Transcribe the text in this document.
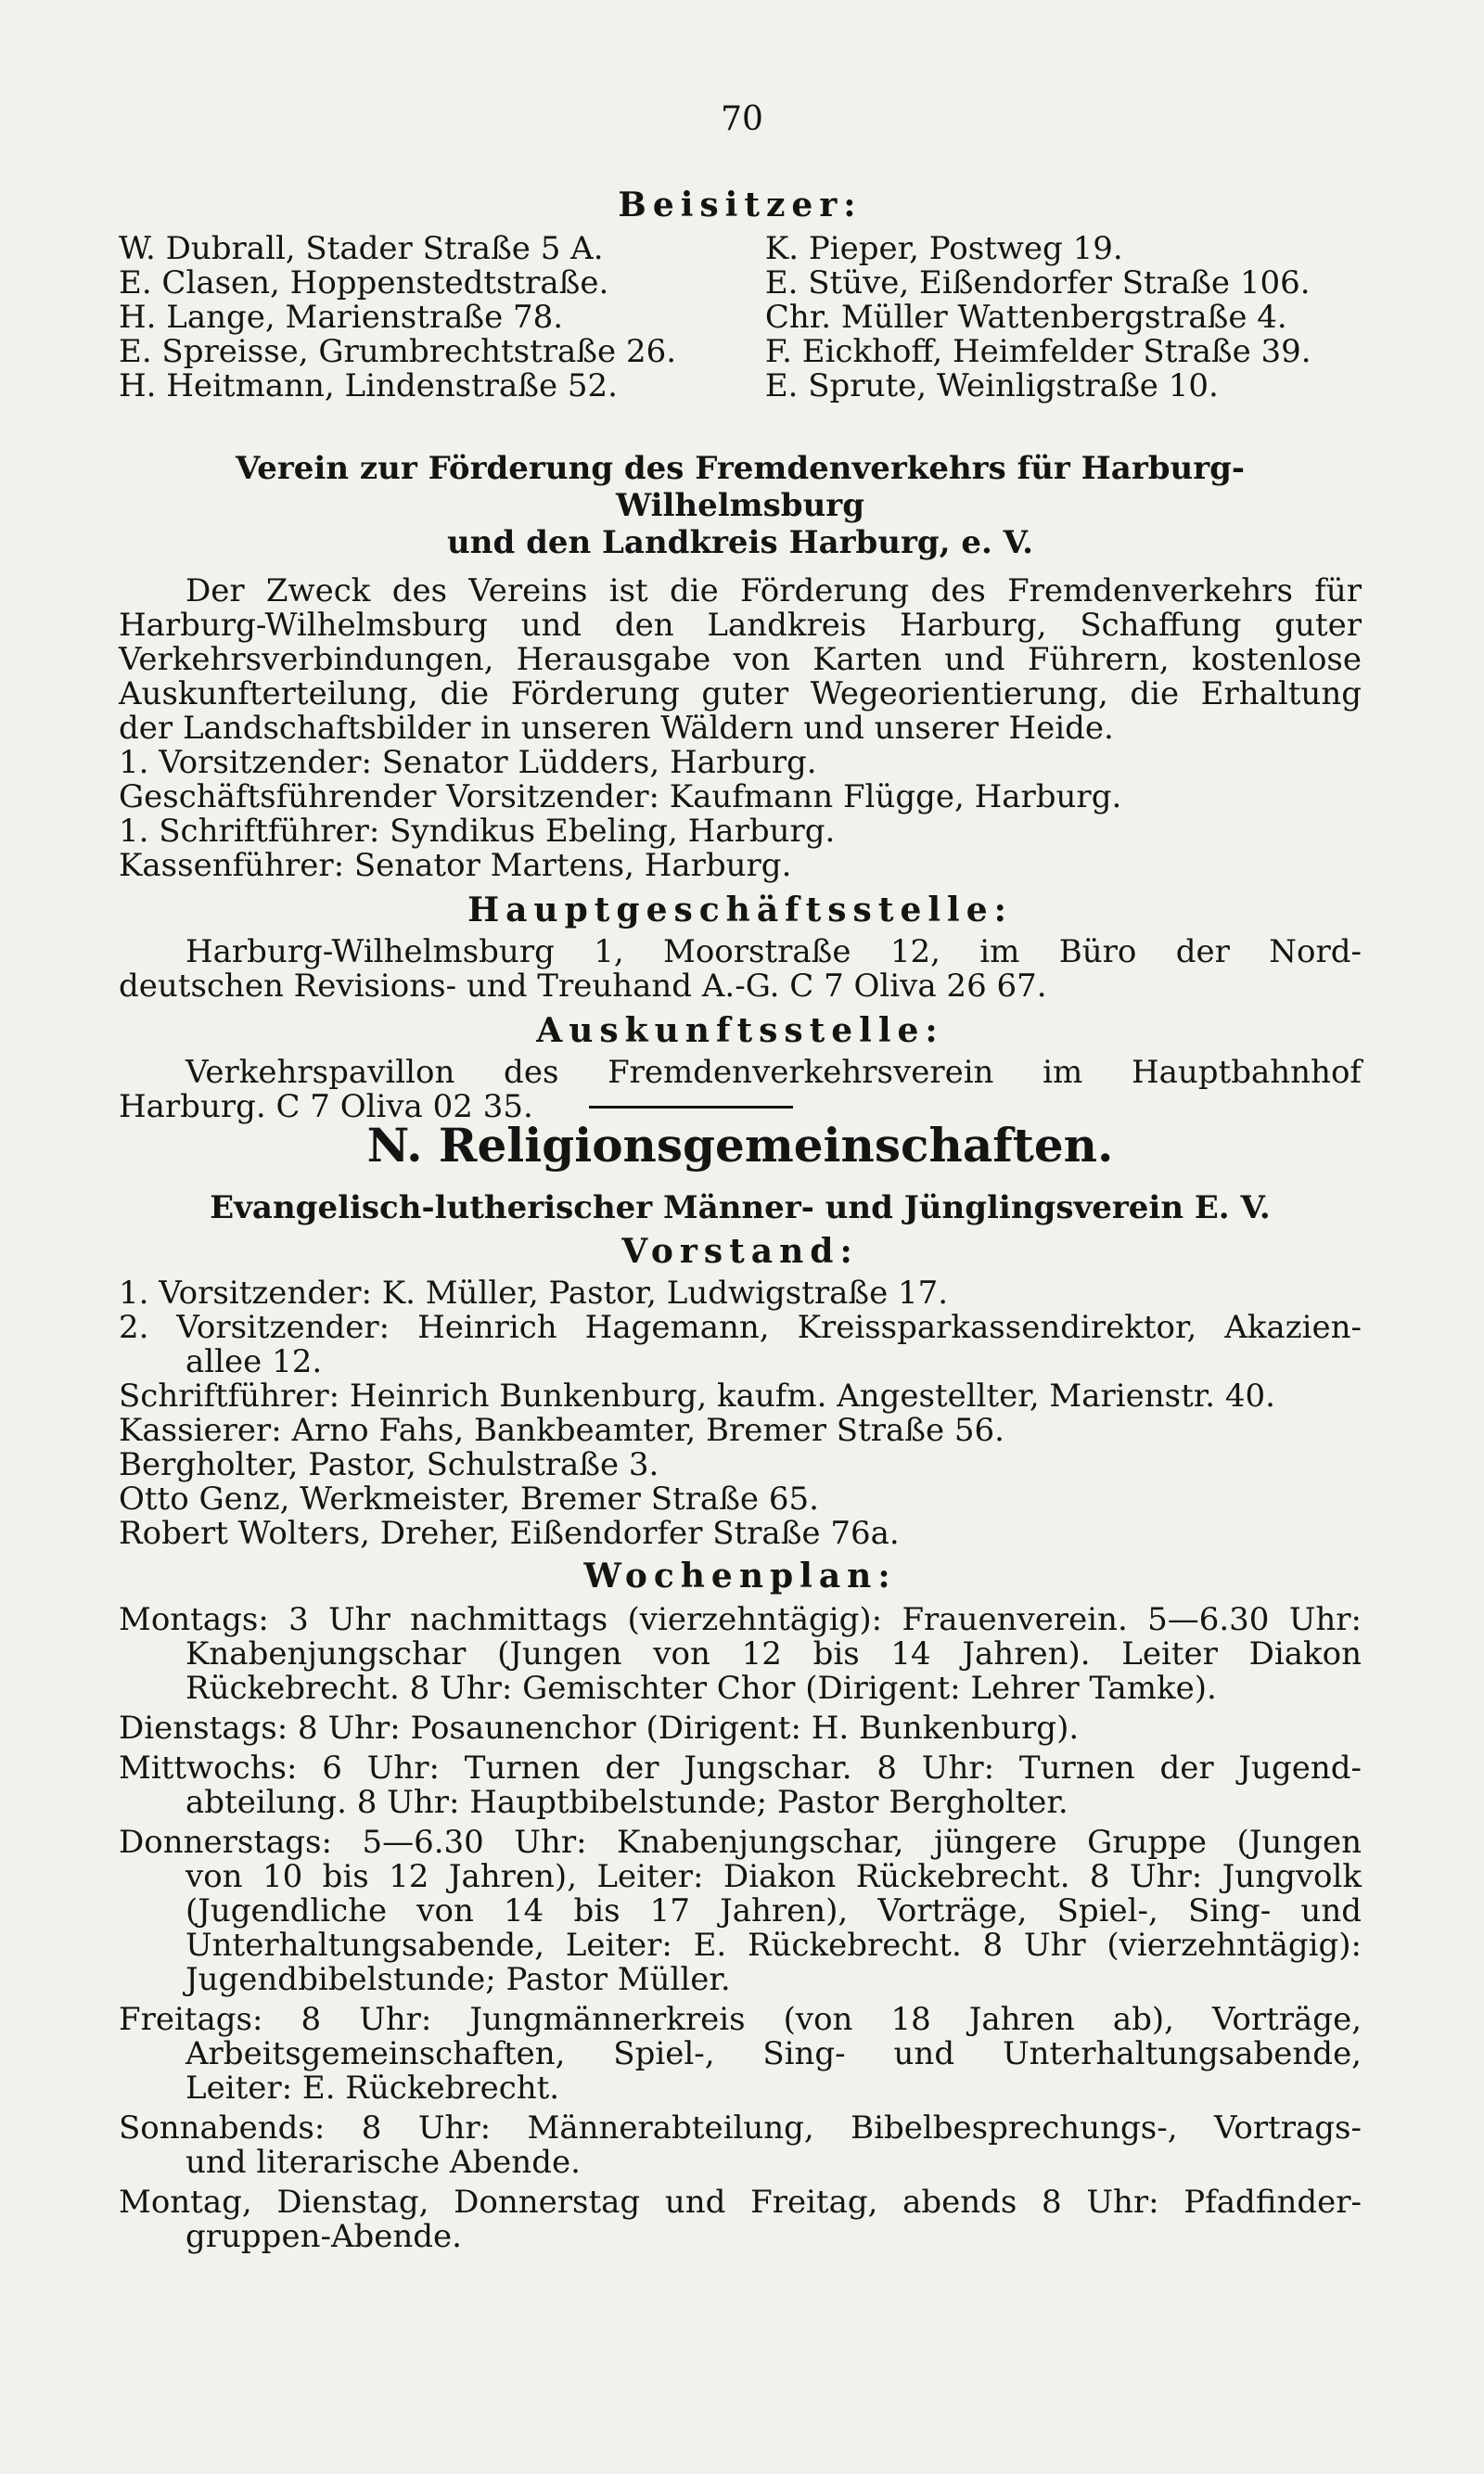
70
Beisitzer:
W. Dubrall, Stader Straße 5 A.
E. Clasen, Hoppenstedtstraße.
H. Lange, Marienstraße 78.
E. Spreisse, Grumbrechtstraße 26.
H. Heitmann, Lindenstraße 52.
K. Pieper, Postweg 19.
E. Stüve, Eißendorfer Straße 106.
Chr. Müller Wattenbergstraße 4.
F. Eickhoff, Heimfelder Straße 39.
E. Sprute, Weinligstraße 10.
Verein zur Förderung des Fremdenverkehrs für Harburg-Wilhelmsburg
und den Landkreis Harburg, e. V.
Der Zweck des Vereins ist die Förderung des Fremdenverkehrs für
Harburg-Wilhelmsburg und den Landkreis Harburg, Schaffung guter
Verkehrsverbindungen, Herausgabe von Karten und Führern, kostenlose
Auskunfterteilung, die Förderung guter Wegeorientierung, die Erhaltung
der Landschaftsbilder in unseren Wäldern und unserer Heide.
1. Vorsitzender: Senator Lüdders, Harburg.
Geschäftsführender Vorsitzender: Kaufmann Flügge, Harburg.
1. Schriftführer: Syndikus Ebeling, Harburg.
Kassenführer: Senator Martens, Harburg.
Hauptgeschäftsstelle:
Harburg-Wilhelmsburg 1, Moorstraße 12, im Büro der Nord-
deutschen Revisions- und Treuhand A.-G. C 7 Oliva 26 67.
Auskunftsstelle:
Verkehrspavillon des Fremdenverkehrsverein im Hauptbahnhof
Harburg. C 7 Oliva 02 35.
N. Religionsgemeinschaften.
Evangelisch-lutherischer Männer- und Jünglingsverein E. V.
Vorstand:
1. Vorsitzender: K. Müller, Pastor, Ludwigstraße 17.
2. Vorsitzender: Heinrich Hagemann, Kreissparkassendirektor, Akazien-
allee 12.
Schriftführer: Heinrich Bunkenburg, kaufm. Angestellter, Marienstr. 40.
Kassierer: Arno Fahs, Bankbeamter, Bremer Straße 56.
Bergholter, Pastor, Schulstraße 3.
Otto Genz, Werkmeister, Bremer Straße 65.
Robert Wolters, Dreher, Eißendorfer Straße 76a.
Wochenplan:
Montags: 3 Uhr nachmittags (vierzehntägig): Frauenverein. 5—6.30 Uhr:
Knabenjungschar (Jungen von 12 bis 14 Jahren). Leiter Diakon
Rückebrecht. 8 Uhr: Gemischter Chor (Dirigent: Lehrer Tamke).
Dienstags: 8 Uhr: Posaunenchor (Dirigent: H. Bunkenburg).
Mittwochs: 6 Uhr: Turnen der Jungschar. 8 Uhr: Turnen der Jugend-
abteilung. 8 Uhr: Hauptbibelstunde; Pastor Bergholter.
Donnerstags: 5—6.30 Uhr: Knabenjungschar, jüngere Gruppe (Jungen
von 10 bis 12 Jahren), Leiter: Diakon Rückebrecht. 8 Uhr: Jungvolk
(Jugendliche von 14 bis 17 Jahren), Vorträge, Spiel-, Sing- und
Unterhaltungsabende, Leiter: E. Rückebrecht. 8 Uhr (vierzehntägig):
Jugendbibelstunde; Pastor Müller.
Freitags: 8 Uhr: Jungmännerkreis (von 18 Jahren ab), Vorträge,
Arbeitsgemeinschaften, Spiel-, Sing- und Unterhaltungsabende,
Leiter: E. Rückebrecht.
Sonnabends: 8 Uhr: Männerabteilung, Bibelbesprechungs-, Vortrags-
und literarische Abende.
Montag, Dienstag, Donnerstag und Freitag, abends 8 Uhr: Pfadfinder-
gruppen-Abende.
